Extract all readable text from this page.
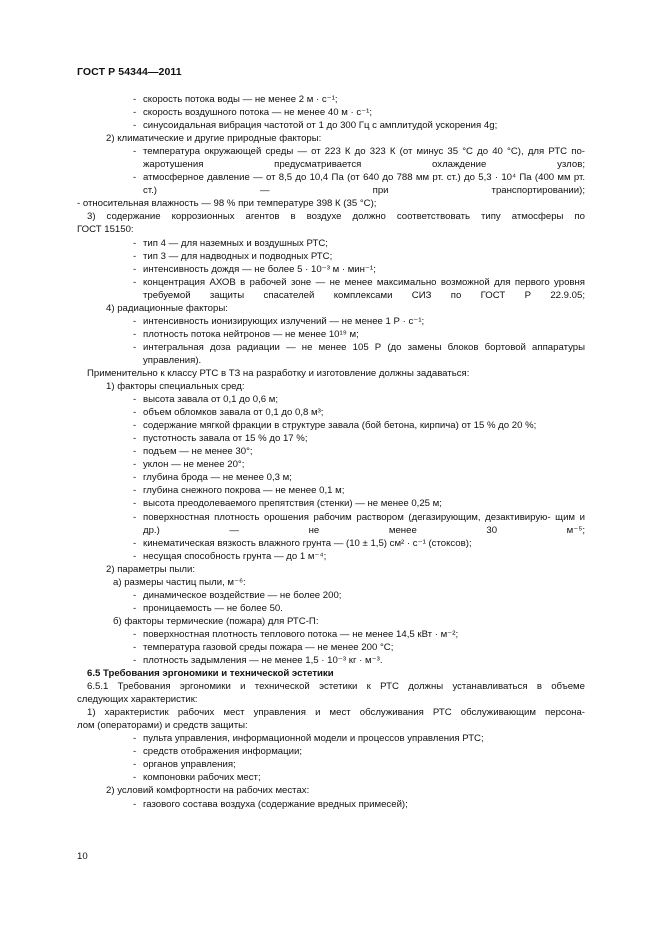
ГОСТ Р 54344—2011
- скорость потока воды — не менее 2 м · с⁻¹;
- скорость воздушного потока — не менее 40 м · с⁻¹;
- синусоидальная вибрация частотой от 1 до 300 Гц с амплитудой ускорения 4g;
2) климатические и другие природные факторы:
- температура окружающей среды — от 223 К до 323 К (от минус 35 °С до 40 °С), для РТС по- жаротушения предусматривается охлаждение узлов;
- атмосферное давление — от 8,5 до 10,4 Па (от 640 до 788 мм рт. ст.) до 5,3 · 10⁴ Па (400 мм рт. ст.) — при транспортировании);
- относительная влажность — 98 % при температуре 398 К (35 °С);
3) содержание коррозионных агентов в воздухе должно соответствовать типу атмосферы по
ГОСТ 15150:
- тип 4 — для наземных и воздушных РТС;
- тип 3 — для надводных и подводных РТС;
- интенсивность дождя — не более 5 · 10⁻³ м · мин⁻¹;
- концентрация АХОВ в рабочей зоне — не менее максимально возможной для первого уровня требуемой защиты спасателей комплексами СИЗ по ГОСТ Р 22.9.05;
4) радиационные факторы:
- интенсивность ионизирующих излучений — не менее 1 Р · с⁻¹;
- плотность потока нейтронов — не менее 10¹⁹ м;
- интегральная доза радиации — не менее 105 Р (до замены блоков бортовой аппаратуры управления).
Применительно к классу РТС в ТЗ на разработку и изготовление должны задаваться:
1) факторы специальных сред:
- высота завала от 0,1 до 0,6 м;
- объем обломков завала от 0,1 до 0,8 м³;
- содержание мягкой фракции в структуре завала (бой бетона, кирпича) от 15 % до 20 %;
- пустотность завала от 15 % до 17 %;
- подъем — не менее 30°;
- уклон — не менее 20°;
- глубина брода — не менее 0,3 м;
- глубина снежного покрова — не менее 0,1 м;
- высота преодолеваемого препятствия (стенки) — не менее 0,25 м;
- поверхностная плотность орошения рабочим раствором (дегазирующим, дезактивирую- щим и др.) — не менее 30 м⁻⁵;
- кинематическая вязкость влажного грунта — (10 ± 1,5) см² · с⁻¹ (стоксов);
- несущая способность грунта — до 1 м⁻⁴;
2) параметры пыли:
а) размеры частиц пыли, м⁻⁶:
- динамическое воздействие — не более 200;
- проницаемость — не более 50.
б) факторы термические (пожара) для РТС-П:
- поверхностная плотность теплового потока — не менее 14,5 кВт · м⁻²;
- температура газовой среды пожара — не менее 200 °С;
- плотность задымления — не менее 1,5 · 10⁻³ кг · м⁻³.
6.5 Требования эргономики и технической эстетики
6.5.1 Требования эргономики и технической эстетики к РТС должны устанавливаться в объеме
следующих характеристик:
1) характеристик рабочих мест управления и мест обслуживания РТС обслуживающим персона-
лом (операторами) и средств защиты:
- пульта управления, информационной модели и процессов управления РТС;
- средств отображения информации;
- органов управления;
- компоновки рабочих мест;
2) условий комфортности на рабочих местах:
- газового состава воздуха (содержание вредных примесей);
10
